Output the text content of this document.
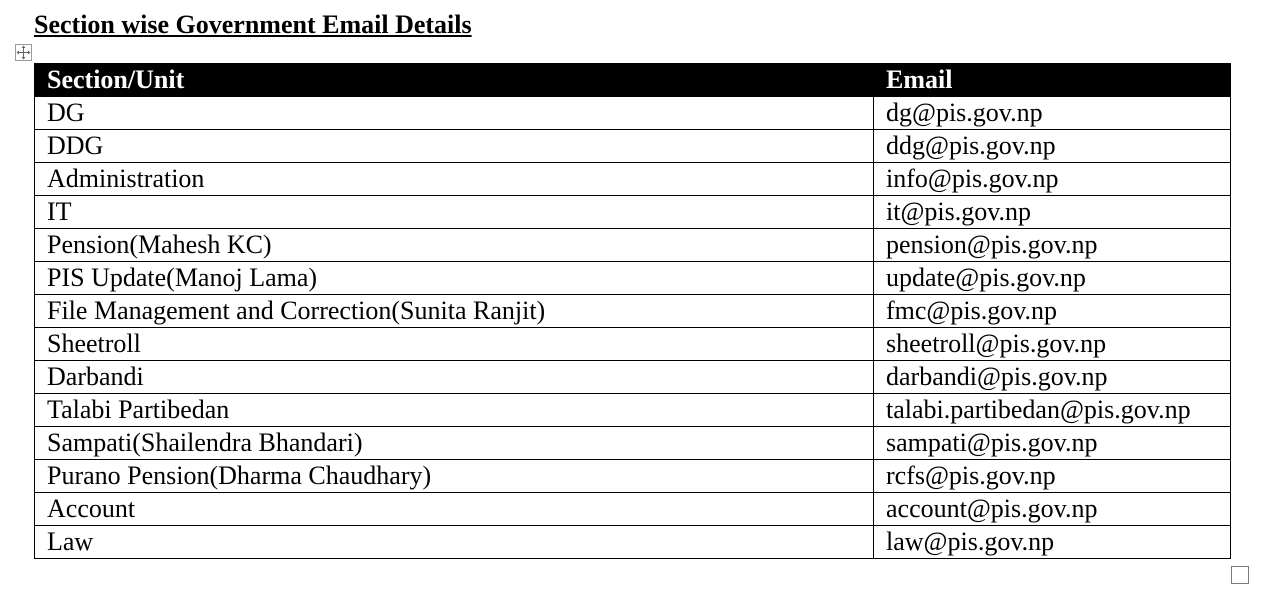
Section wise Government Email Details
Section/Unit	Email
DG	dg@pis.gov.np
DDG	ddg@pis.gov.np
Administration	info@pis.gov.np
IT	it@pis.gov.np
Pension(Mahesh KC)	pension@pis.gov.np
PIS Update(Manoj Lama)	update@pis.gov.np
File Management and Correction(Sunita Ranjit)	fmc@pis.gov.np
Sheetroll	sheetroll@pis.gov.np
Darbandi	darbandi@pis.gov.np
Talabi Partibedan	talabi.partibedan@pis.gov.np
Sampati(Shailendra Bhandari)	sampati@pis.gov.np
Purano Pension(Dharma Chaudhary)	rcfs@pis.gov.np
Account	account@pis.gov.np
Law	law@pis.gov.np
